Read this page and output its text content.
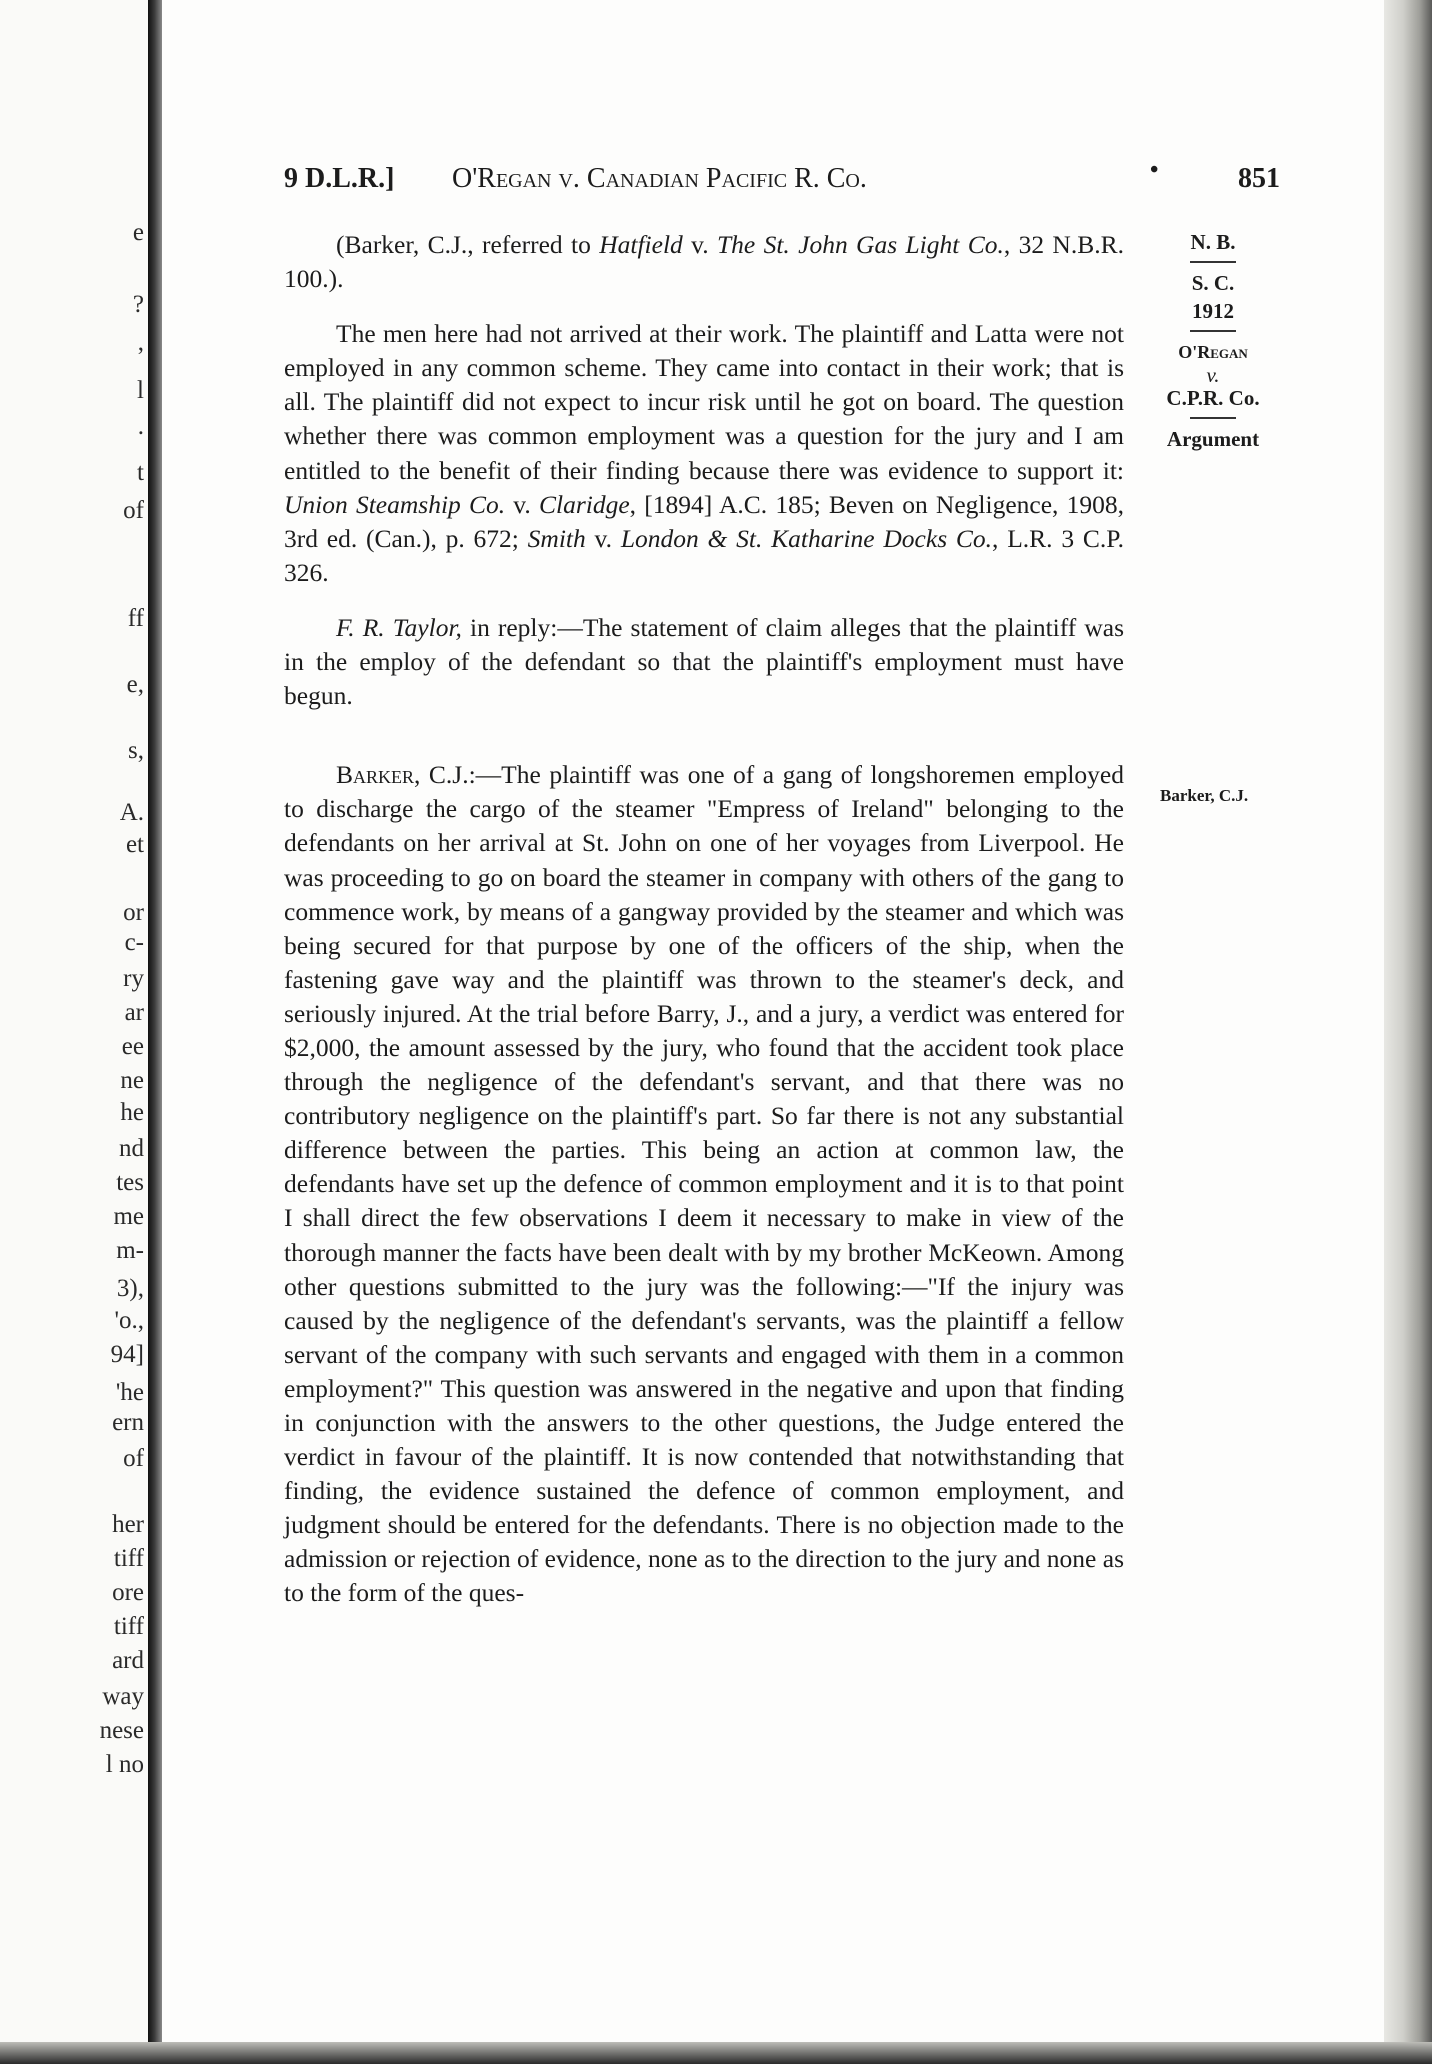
e
?
,
l
.
t
of
ff
e,
s,
A.
et
or
c-
ry
ar
ee
ne
he
nd
tes
me
m-
3),
'o.,
94]
'he
ern
of
her
tiff
ore
tiff
ard
way
nese
l no
9 D.L.R.] O'Regan v. Canadian Pacific R. Co.	•	851

(Barker, C.J., referred to Hatfield v. The St. John Gas Light Co., 32 N.B.R. 100.).

The men here had not arrived at their work. The plaintiff and Latta were not employed in any common scheme. They came into contact in their work; that is all. The plaintiff did not expect to incur risk until he got on board. The question whether there was common employment was a question for the jury and I am entitled to the benefit of their finding because there was evidence to support it: Union Steamship Co. v. Claridge, [1894] A.C. 185; Beven on Negligence, 1908, 3rd ed. (Can.), p. 672; Smith v. London & St. Katharine Docks Co., L.R. 3 C.P. 326.

F. R. Taylor, in reply:—The statement of claim alleges that the plaintiff was in the employ of the defendant so that the plaintiff's employment must have begun.

Barker, C.J.:—The plaintiff was one of a gang of longshoremen employed to discharge the cargo of the steamer "Empress of Ireland" belonging to the defendants on her arrival at St. John on one of her voyages from Liverpool. He was proceeding to go on board the steamer in company with others of the gang to commence work, by means of a gangway provided by the steamer and which was being secured for that purpose by one of the officers of the ship, when the fastening gave way and the plaintiff was thrown to the steamer's deck, and seriously injured. At the trial before Barry, J., and a jury, a verdict was entered for $2,000, the amount assessed by the jury, who found that the accident took place through the negligence of the defendant's servant, and that there was no contributory negligence on the plaintiff's part. So far there is not any substantial difference between the parties. This being an action at common law, the defendants have set up the defence of common employment and it is to that point I shall direct the few observations I deem it necessary to make in view of the thorough manner the facts have been dealt with by my brother McKeown. Among other questions submitted to the jury was the following:—"If the injury was caused by the negligence of the defendant's servants, was the plaintiff a fellow servant of the company with such servants and engaged with them in a common employment?" This question was answered in the negative and upon that finding in conjunction with the answers to the other questions, the Judge entered the verdict in favour of the plaintiff. It is now contended that notwithstanding that finding, the evidence sustained the defence of common employment, and judgment should be entered for the defendants. There is no objection made to the admission or rejection of evidence, none as to the direction to the jury and none as to the form of the ques-

N. B.
S. C.
1912
O'Regan
v.
C.P.R. Co.
Argument
Barker, C.J.
